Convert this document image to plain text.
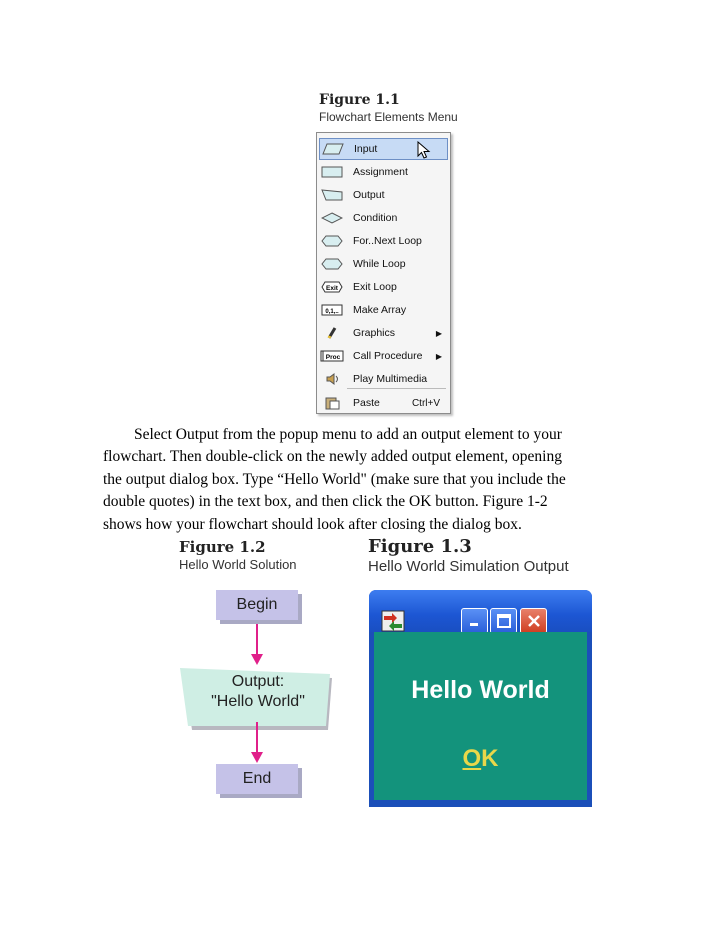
Figure 1.1
Flowchart Elements Menu
Input
Assignment
Output
Condition
For..Next Loop
While Loop
Exit Exit Loop
0,1,.. Make Array
Graphics	▶
Proc Call Procedure	▶
Play Multimedia
Paste	Ctrl+V
Select Output from the popup menu to add an output element to your
flowchart. Then double-click on the newly added output element, opening
the output dialog box. Type “Hello World" (make sure that you include the
double quotes) in the text box, and then click the OK button. Figure 1-2
shows how your flowchart should look after closing the dialog box.
Figure 1.2
Hello World Solution
Begin
Output:
"Hello World"
End
Figure 1.3
Hello World Simulation Output
Hello World
OK
